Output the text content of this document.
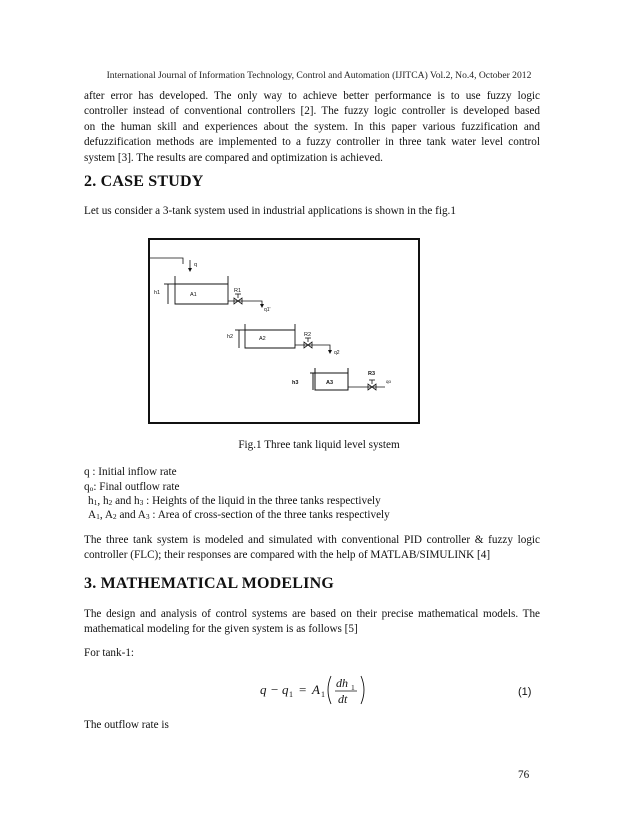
International Journal of Information Technology, Control and Automation (IJITCA) Vol.2, No.4, October 2012
after error has developed. The only way to achieve better performance is to use fuzzy logic
controller instead of conventional controllers [2]. The fuzzy logic controller is developed based
on the human skill and experiences about the system. In this paper various fuzzification and
defuzzification methods are implemented to a fuzzy controller in three tank water level control
system [3]. The results are compared and optimization is achieved.
2. CASE STUDY
Let us consider a 3-tank system used in industrial applications is shown in the fig.1
q
h1	A1
R1
q1'
h2	A2
R2
q2
h3	A3
R3
qo
Fig.1 Three tank liquid level system
q : Initial inflow rate
$q_o$: Final outflow rate
$h_1$, $h_2$ and $h_3$ : Heights of the liquid in the three tanks respectively
$A_1$, $A_2$ and $A_3$ : Area of cross-section of the three tanks respectively
The three tank system is modeled and simulated with conventional PID controller & fuzzy logic
controller (FLC); their responses are compared with the help of MATLAB/SIMULINK [4]
3. MATHEMATICAL MODELING
The design and analysis of control systems are based on their precise mathematical models. The
mathematical modeling for the given system is as follows [5]
For tank-1:
q − q 1 = A 1
dh 1
dt	(1)
The outflow rate is
76
